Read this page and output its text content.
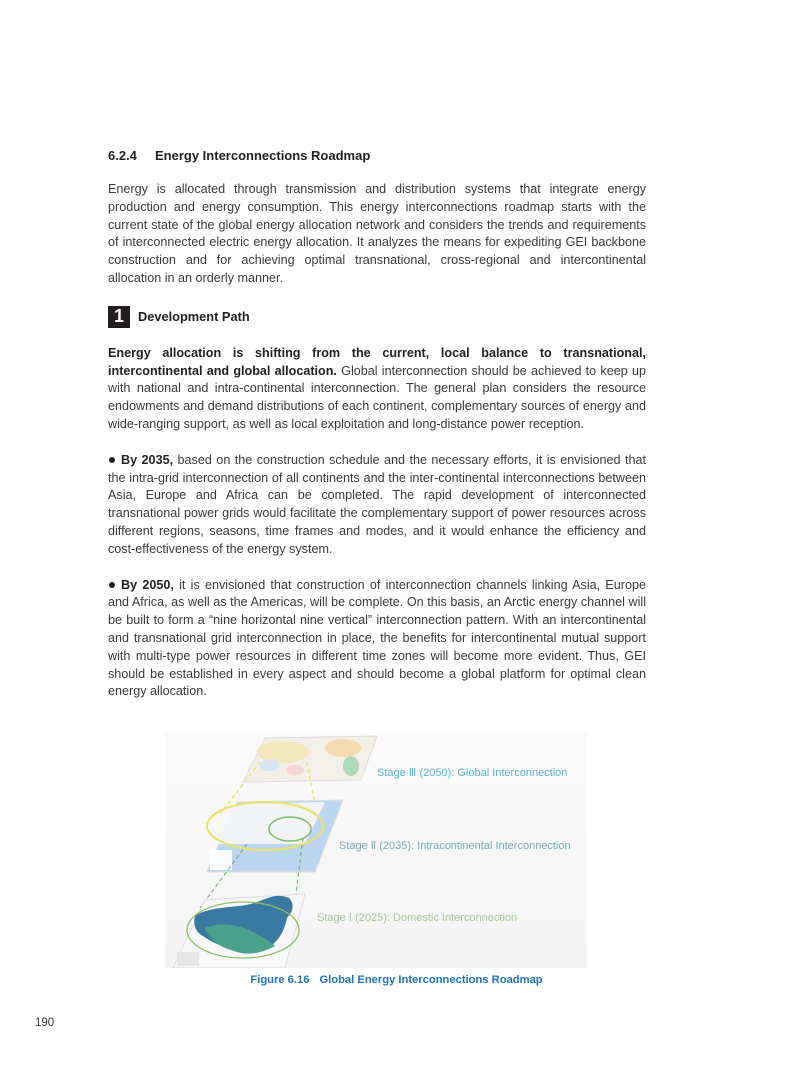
6.2.4 Energy Interconnections Roadmap

Energy is allocated through transmission and distribution systems that integrate energy production and energy consumption. This energy interconnections roadmap starts with the current state of the global energy allocation network and considers the trends and requirements of interconnected electric energy allocation. It analyzes the means for expediting GEI backbone construction and for achieving optimal transnational, cross-regional and intercontinental allocation in an orderly manner.

1	Development Path

Energy allocation is shifting from the current, local balance to transnational, intercontinental and global allocation. Global interconnection should be achieved to keep up with national and intra-continental interconnection. The general plan considers the resource endowments and demand distributions of each continent, complementary sources of energy and wide-ranging support, as well as local exploitation and long-distance power reception.

By 2035, based on the construction schedule and the necessary efforts, it is envisioned that the intra-grid interconnection of all continents and the inter-continental interconnections between Asia, Europe and Africa can be completed. The rapid development of interconnected transnational power grids would facilitate the complementary support of power resources across different regions, seasons, time frames and modes, and it would enhance the efficiency and cost-effectiveness of the energy system.

By 2050, it is envisioned that construction of interconnection channels linking Asia, Europe and Africa, as well as the Americas, will be complete. On this basis, an Arctic energy channel will be built to form a “nine horizontal nine vertical” interconnection pattern. With an intercontinental and transnational grid interconnection in place, the benefits for intercontinental mutual support with multi-type power resources in different time zones will become more evident. Thus, GEI should be established in every aspect and should become a global platform for optimal clean energy allocation.

Stage Ⅲ (2050): Global Interconnection
Stage Ⅱ (2035): Intracontinental Interconnection
Stage Ⅰ (2025): Domestic Interconnection
Figure 6.16 Global Energy Interconnections Roadmap
190
